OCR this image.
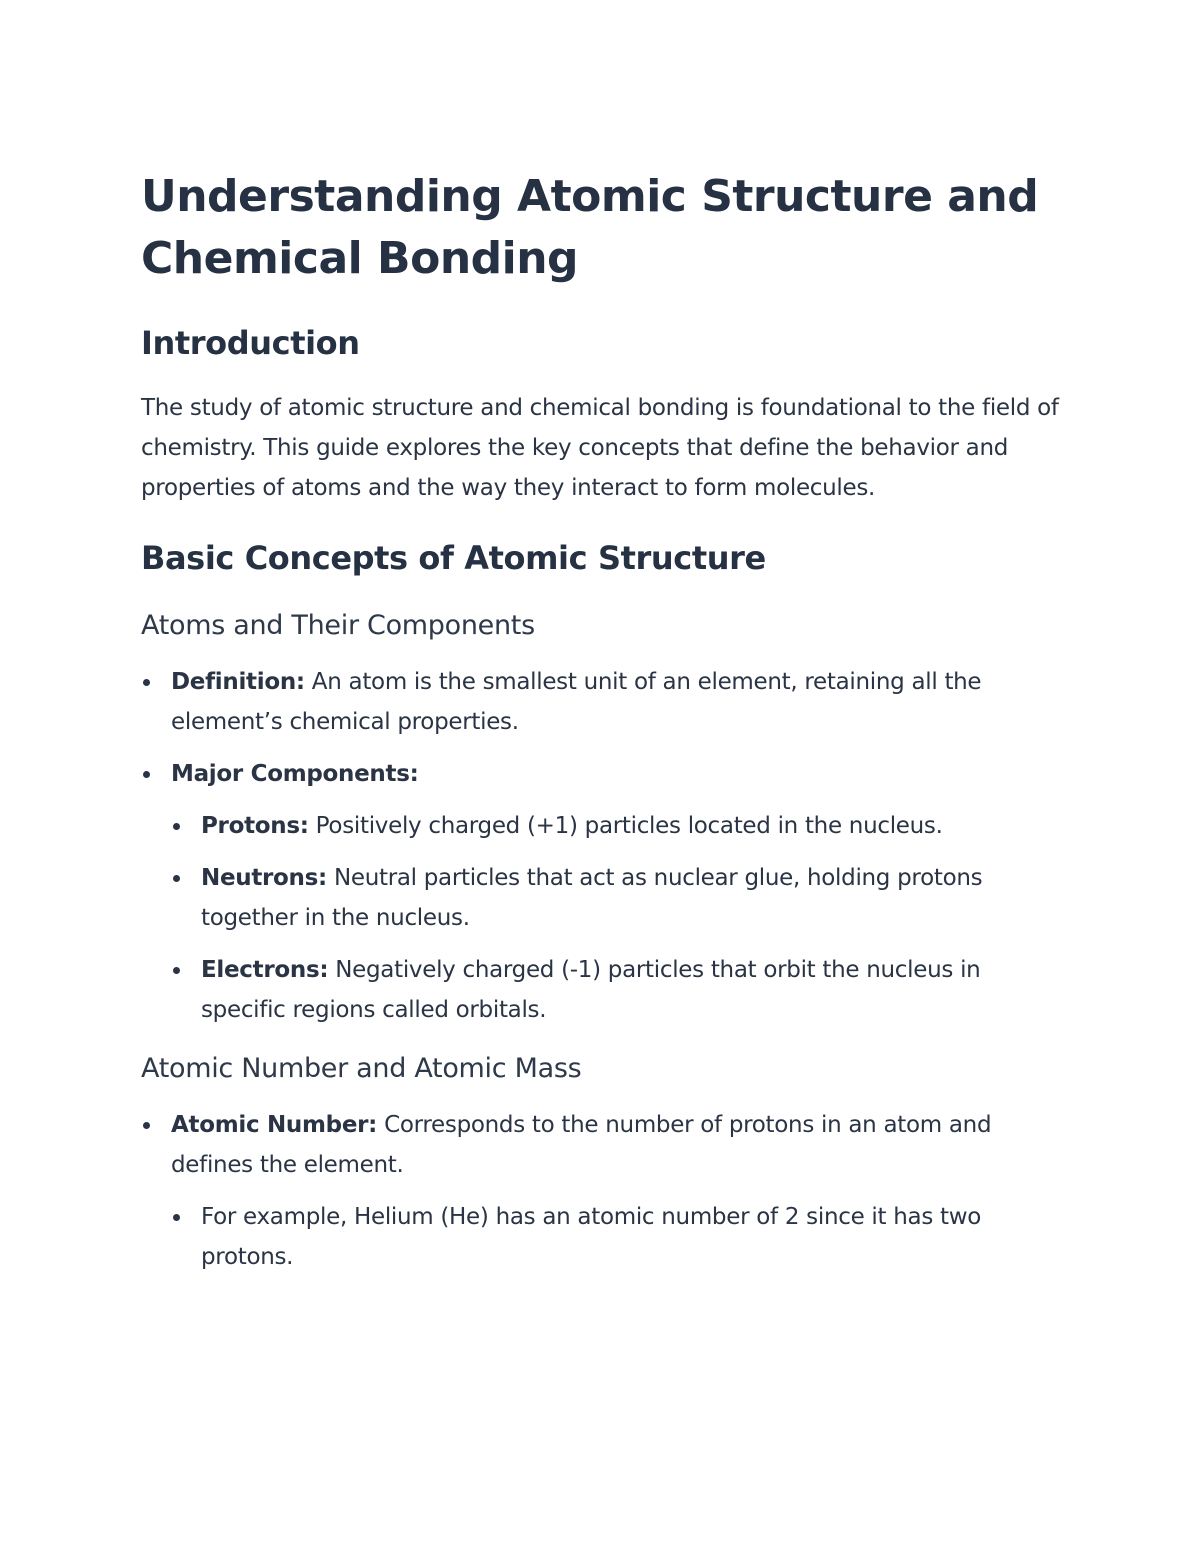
Understanding Atomic Structure and Chemical Bonding
Introduction

The study of atomic structure and chemical bonding is foundational to the field of chemistry. This guide explores the key concepts that define the behavior and properties of atoms and the way they interact to form molecules.

Basic Concepts of Atomic Structure
Atoms and Their Components
Definition: An atom is the smallest unit of an element, retaining all the element’s chemical properties.
Major Components:
Protons: Positively charged (+1) particles located in the nucleus.
Neutrons: Neutral particles that act as nuclear glue, holding protons together in the nucleus.
Electrons: Negatively charged (-1) particles that orbit the nucleus in specific regions called orbitals.
Atomic Number and Atomic Mass
Atomic Number: Corresponds to the number of protons in an atom and defines the element.
For example, Helium (He) has an atomic number of 2 since it has two protons.
